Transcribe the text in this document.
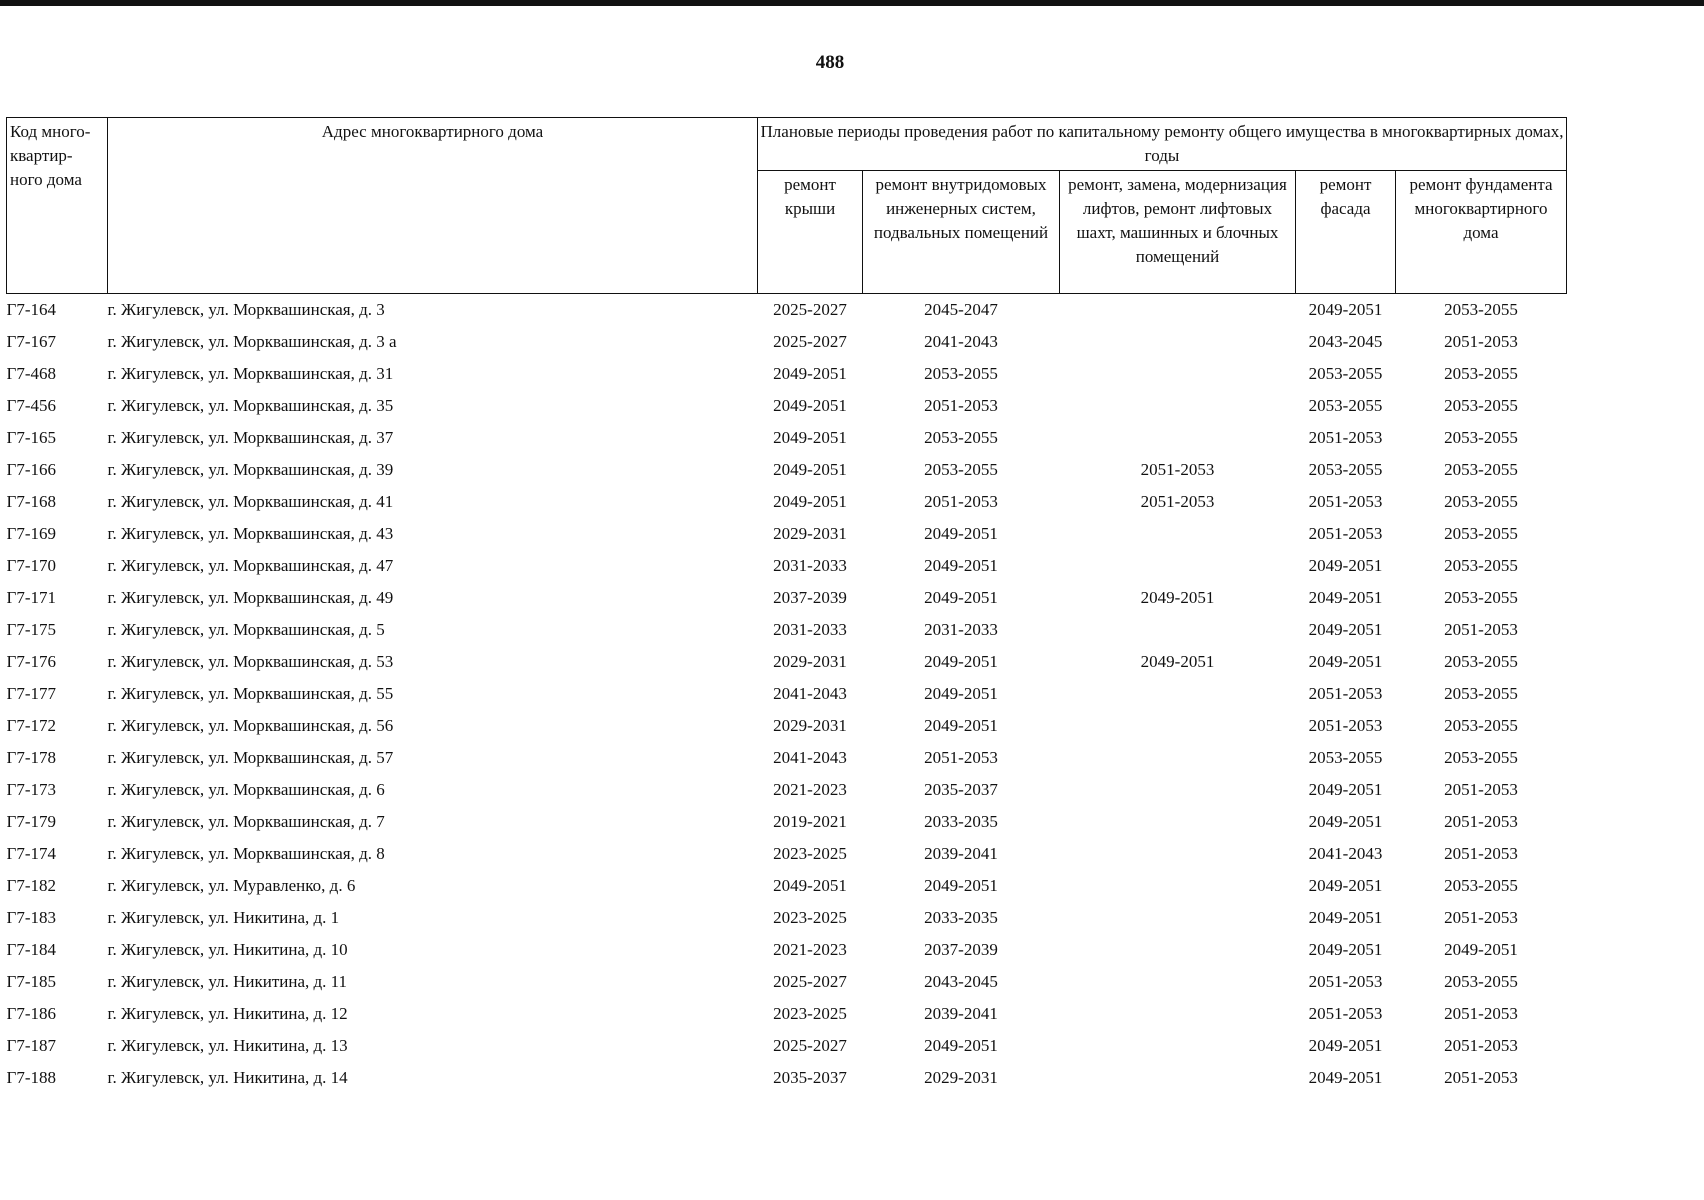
488
Код много-квартир-ного дома	Адрес многоквартирного дома	Плановые периоды проведения работ по капитальному ремонту общего имущества в многоквартирных домах, годы				
		ремонт крыши	ремонт внутридомовых инженерных систем, подвальных помещений	ремонт, замена, модернизация лифтов, ремонт лифтовых шахт, машинных и блочных помещений	ремонт фасада	ремонт фундамента многоквартирного дома
Г7-164	г. Жигулевск, ул. Морквашинская, д. 3	2025-2027	2045-2047		2049-2051	2053-2055
Г7-167	г. Жигулевск, ул. Морквашинская, д. 3 а	2025-2027	2041-2043		2043-2045	2051-2053
Г7-468	г. Жигулевск, ул. Морквашинская, д. 31	2049-2051	2053-2055		2053-2055	2053-2055
Г7-456	г. Жигулевск, ул. Морквашинская, д. 35	2049-2051	2051-2053		2053-2055	2053-2055
Г7-165	г. Жигулевск, ул. Морквашинская, д. 37	2049-2051	2053-2055		2051-2053	2053-2055
Г7-166	г. Жигулевск, ул. Морквашинская, д. 39	2049-2051	2053-2055	2051-2053	2053-2055	2053-2055
Г7-168	г. Жигулевск, ул. Морквашинская, д. 41	2049-2051	2051-2053	2051-2053	2051-2053	2053-2055
Г7-169	г. Жигулевск, ул. Морквашинская, д. 43	2029-2031	2049-2051		2051-2053	2053-2055
Г7-170	г. Жигулевск, ул. Морквашинская, д. 47	2031-2033	2049-2051		2049-2051	2053-2055
Г7-171	г. Жигулевск, ул. Морквашинская, д. 49	2037-2039	2049-2051	2049-2051	2049-2051	2053-2055
Г7-175	г. Жигулевск, ул. Морквашинская, д. 5	2031-2033	2031-2033		2049-2051	2051-2053
Г7-176	г. Жигулевск, ул. Морквашинская, д. 53	2029-2031	2049-2051	2049-2051	2049-2051	2053-2055
Г7-177	г. Жигулевск, ул. Морквашинская, д. 55	2041-2043	2049-2051		2051-2053	2053-2055
Г7-172	г. Жигулевск, ул. Морквашинская, д. 56	2029-2031	2049-2051		2051-2053	2053-2055
Г7-178	г. Жигулевск, ул. Морквашинская, д. 57	2041-2043	2051-2053		2053-2055	2053-2055
Г7-173	г. Жигулевск, ул. Морквашинская, д. 6	2021-2023	2035-2037		2049-2051	2051-2053
Г7-179	г. Жигулевск, ул. Морквашинская, д. 7	2019-2021	2033-2035		2049-2051	2051-2053
Г7-174	г. Жигулевск, ул. Морквашинская, д. 8	2023-2025	2039-2041		2041-2043	2051-2053
Г7-182	г. Жигулевск, ул. Муравленко, д. 6	2049-2051	2049-2051		2049-2051	2053-2055
Г7-183	г. Жигулевск, ул. Никитина, д. 1	2023-2025	2033-2035		2049-2051	2051-2053
Г7-184	г. Жигулевск, ул. Никитина, д. 10	2021-2023	2037-2039		2049-2051	2049-2051
Г7-185	г. Жигулевск, ул. Никитина, д. 11	2025-2027	2043-2045		2051-2053	2053-2055
Г7-186	г. Жигулевск, ул. Никитина, д. 12	2023-2025	2039-2041		2051-2053	2051-2053
Г7-187	г. Жигулевск, ул. Никитина, д. 13	2025-2027	2049-2051		2049-2051	2051-2053
Г7-188	г. Жигулевск, ул. Никитина, д. 14	2035-2037	2029-2031		2049-2051	2051-2053
